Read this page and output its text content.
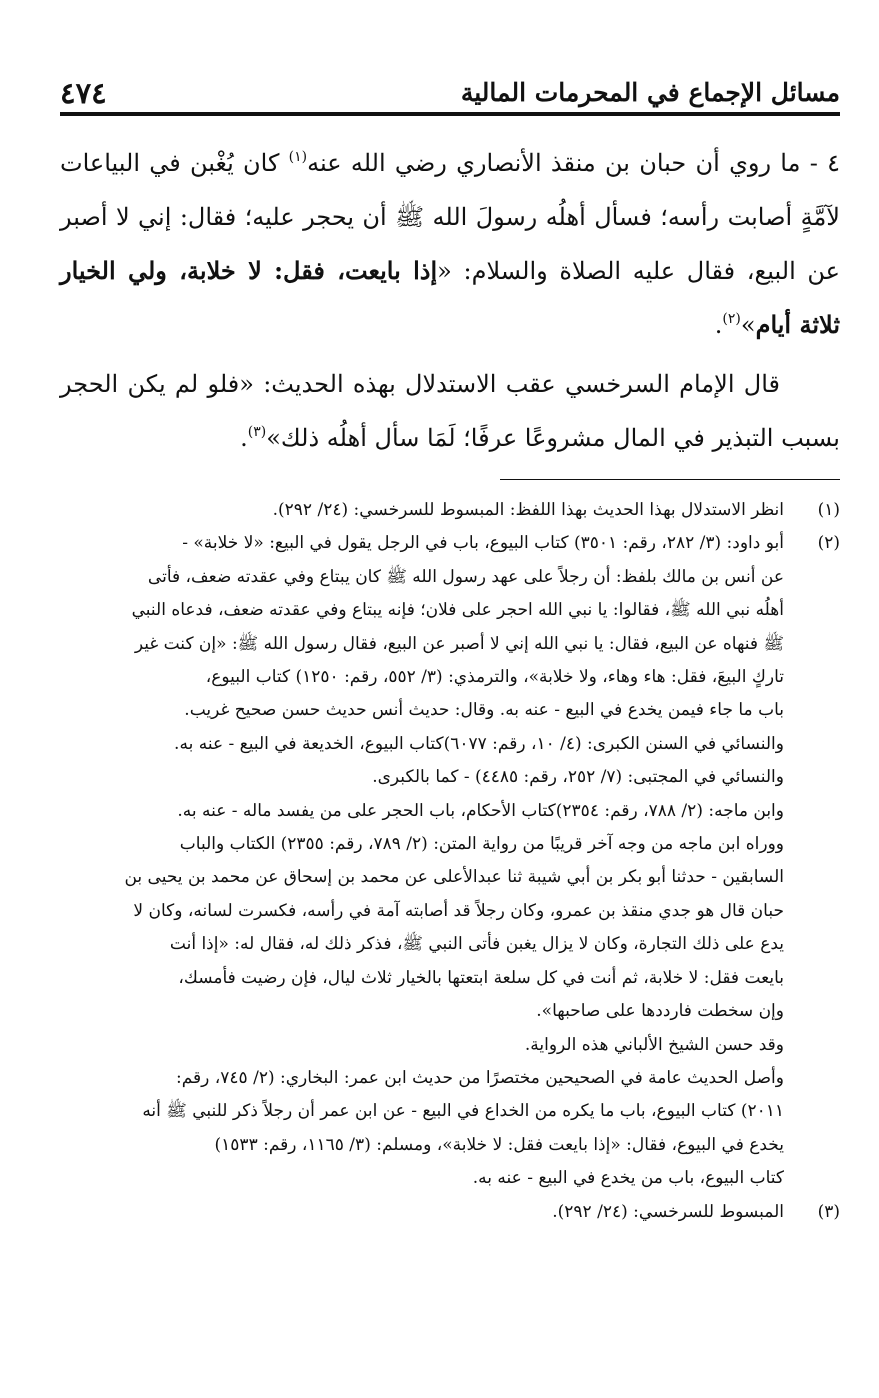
مسائل الإجماع في المحرمات المالية
٤٧٤

٤ - ما روي أن حبان بن منقذ الأنصاري رضي الله عنه$^{(١)}$ كان يُغْبن في البياعات لآمَّةٍ أصابت رأسه؛ فسأل أهلُه رسولَ الله ﷺ أن يحجر عليه؛ فقال: إني لا أصبر عن البيع، فقال عليه الصلاة والسلام: «إذا بايعت، فقل: لا خلابة، ولي الخيار ثلاثة أيام»$^{(٢)}$.

قال الإمام السرخسي عقب الاستدلال بهذه الحديث: «فلو لم يكن الحجر بسبب التبذير في المال مشروعًا عرفًا؛ لَمَا سأل أهلُه ذلك»$^{(٣)}$.

(١)
انظر الاستدلال بهذا الحديث بهذا اللفظ: المبسوط للسرخسي: (٢٤/ ٢٩٢).
(٢)
أبو داود: (٣/ ٢٨٢، رقم: ٣٥٠١) كتاب البيوع، باب في الرجل يقول في البيع: «لا خلابة» -
عن أنس بن مالك بلفظ: أن رجلاً على عهد رسول الله ﷺ كان يبتاع وفي عقدته ضعف، فأتى
أهلُه نبي الله ﷺ، فقالوا: يا نبي الله احجر على فلان؛ فإنه يبتاع وفي عقدته ضعف، فدعاه النبي
ﷺ فنهاه عن البيع، فقال: يا نبي الله إني لا أصبر عن البيع، فقال رسول الله ﷺ: «إن كنت غير
تاركٍ البيعَ، فقل: هاء وهاء، ولا خلابة»، والترمذي: (٣/ ٥٥٢، رقم: ١٢٥٠) كتاب البيوع،
باب ما جاء فيمن يخدع في البيع - عنه به. وقال: حديث أنس حديث حسن صحيح غريب.
والنسائي في السنن الكبرى: (٤/ ١٠، رقم: ٦٠٧٧)كتاب البيوع، الخديعة في البيع - عنه به.
والنسائي في المجتبى: (٧/ ٢٥٢، رقم: ٤٤٨٥) - كما بالكبرى.
وابن ماجه: (٢/ ٧٨٨، رقم: ٢٣٥٤)كتاب الأحكام، باب الحجر على من يفسد ماله - عنه به.
ووراه ابن ماجه من وجه آخر قريبًا من رواية المتن: (٢/ ٧٨٩، رقم: ٢٣٥٥) الكتاب والباب
السابقين - حدثنا أبو بكر بن أبي شيبة ثنا عبدالأعلى عن محمد بن إسحاق عن محمد بن يحيى بن
حبان قال هو جدي منقذ بن عمرو، وكان رجلاً قد أصابته آمة في رأسه، فكسرت لسانه، وكان لا
يدع على ذلك التجارة، وكان لا يزال يغبن فأتى النبي ﷺ، فذكر ذلك له، فقال له: «إذا أنت
بايعت فقل: لا خلابة، ثم أنت في كل سلعة ابتعتها بالخيار ثلاث ليال، فإن رضيت فأمسك،
وإن سخطت فارددها على صاحبها».
وقد حسن الشيخ الألباني هذه الرواية.
وأصل الحديث عامة في الصحيحين مختصرًا من حديث ابن عمر: البخاري: (٢/ ٧٤٥، رقم:
٢٠١١) كتاب البيوع، باب ما يكره من الخداع في البيع - عن ابن عمر أن رجلاً ذكر للنبي ﷺ أنه
يخدع في البيوع، فقال: «إذا بايعت فقل: لا خلابة»، ومسلم: (٣/ ١١٦٥، رقم: ١٥٣٣)
كتاب البيوع، باب من يخدع في البيع - عنه به.
(٣)
المبسوط للسرخسي: (٢٤/ ٢٩٢).
